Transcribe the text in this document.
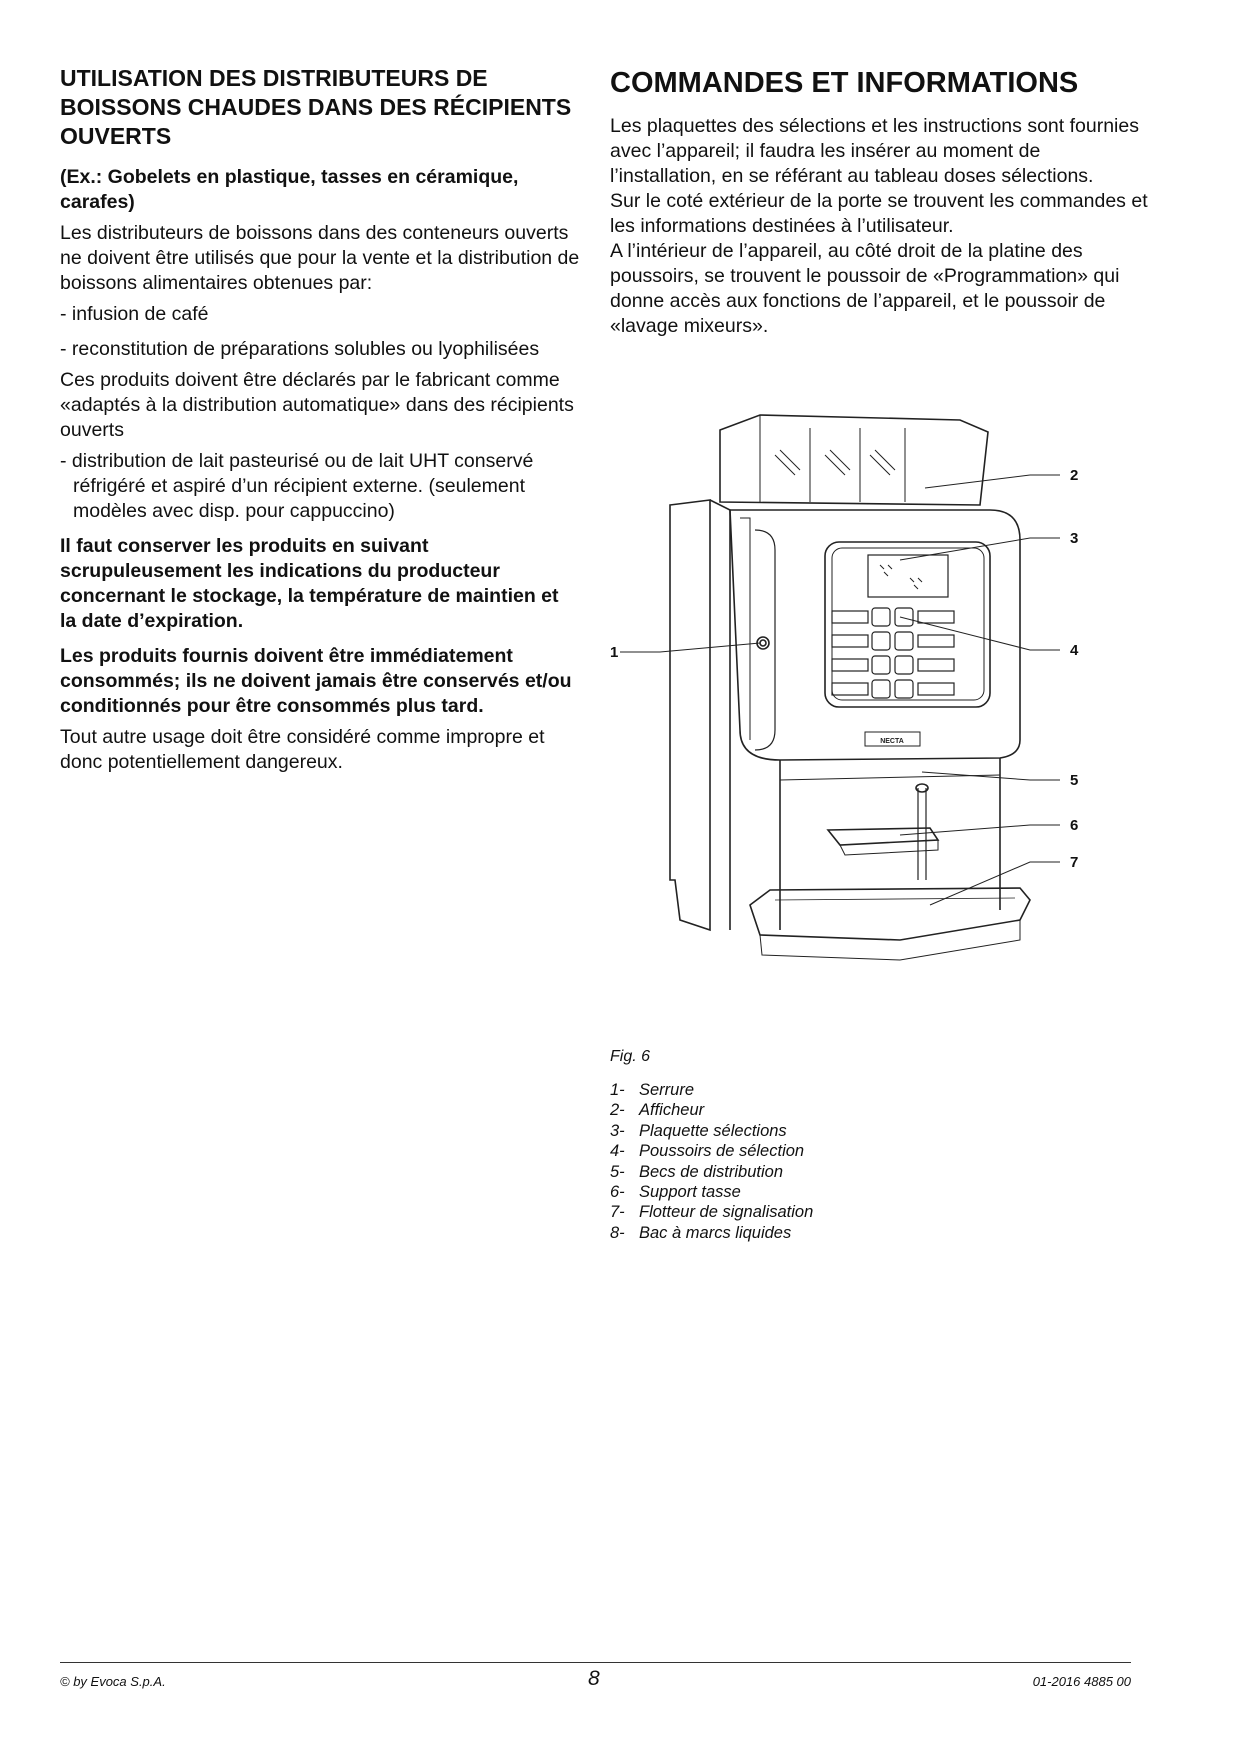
UTILISATION DES DISTRIBUTEURS DE BOISSONS CHAUDES DANS DES RÉCIPIENTS OUVERTS

(Ex.: Gobelets en plastique, tasses en céramique, carafes)

Les distributeurs de boissons dans des conteneurs ouverts ne doivent être utilisés que pour la vente et la distribution de boissons alimentaires obtenues par:

- infusion de café

- reconstitution de préparations solubles ou lyophilisées

Ces produits doivent être déclarés par le fabricant comme «adaptés à la distribution automatique» dans des récipients ouverts

- distribution de lait pasteurisé ou de lait UHT conservé réfrigéré et aspiré d’un récipient externe. (seulement modèles avec disp. pour cappuccino)

Il faut conserver les produits en suivant scrupuleusement les indications du producteur concernant le stockage, la température de maintien et la date d’expiration.

Les produits fournis doivent être immédiatement consommés; ils ne doivent jamais être conservés et/ou conditionnés pour être consommés plus tard.

Tout autre usage doit être considéré comme impropre et donc potentiellement dangereux.

COMMANDES ET INFORMATIONS

Les plaquettes des sélections et les instructions sont fournies avec l’appareil; il faudra les insérer au moment de l’installation, en se référant au tableau doses sélections.

Sur le coté extérieur de la porte se trouvent les commandes et les informations destinées à l’utilisateur.

A l’intérieur de l’appareil, au côté droit de la platine des poussoirs, se trouvent le poussoir de «Programmation» qui donne accès aux fonctions de l’appareil, et le poussoir de «lavage mixeurs».

NECTA
1
2
3
4
5
6
7
Fig. 6
1- Serrure
2- Afficheur
3- Plaquette sélections
4- Poussoirs de sélection
5- Becs de distribution
6- Support tasse
7- Flotteur de signalisation
8- Bac à marcs liquides
© by Evoca S.p.A.	8	01-2016 4885 00
